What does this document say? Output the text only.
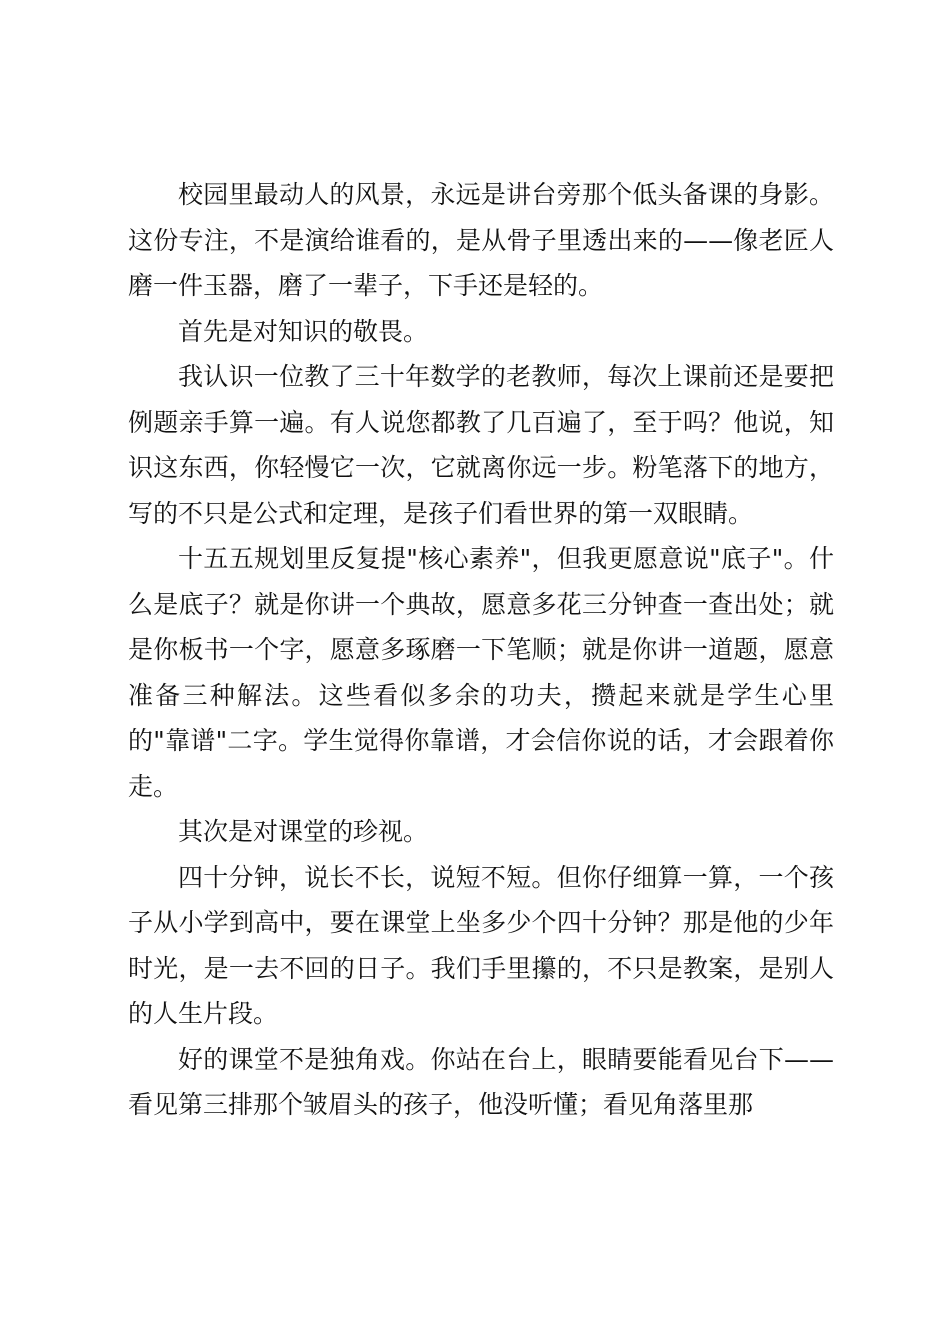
校园里最动人的风景，永远是讲台旁那个低头备课的身影。这份专注，不是演给谁看的，是从骨子里透出来的——像老匠人磨一件玉器，磨了一辈子，下手还是轻的。

首先是对知识的敬畏。

我认识一位教了三十年数学的老教师，每次上课前还是要把例题亲手算一遍。有人说您都教了几百遍了，至于吗？他说，知识这东西，你轻慢它一次，它就离你远一步。粉笔落下的地方，写的不只是公式和定理，是孩子们看世界的第一双眼睛。

十五五规划里反复提"核心素养"，但我更愿意说"底子"。什么是底子？就是你讲一个典故，愿意多花三分钟查一查出处；就是你板书一个字，愿意多琢磨一下笔顺；就是你讲一道题，愿意准备三种解法。这些看似多余的功夫，攒起来就是学生心里的"靠谱"二字。学生觉得你靠谱，才会信你说的话，才会跟着你走。

其次是对课堂的珍视。

四十分钟，说长不长，说短不短。但你仔细算一算，一个孩子从小学到高中，要在课堂上坐多少个四十分钟？那是他的少年时光，是一去不回的日子。我们手里攥的，不只是教案，是别人的人生片段。

好的课堂不是独角戏。你站在台上，眼睛要能看见台下——看见第三排那个皱眉头的孩子，他没听懂；看见角落里那
